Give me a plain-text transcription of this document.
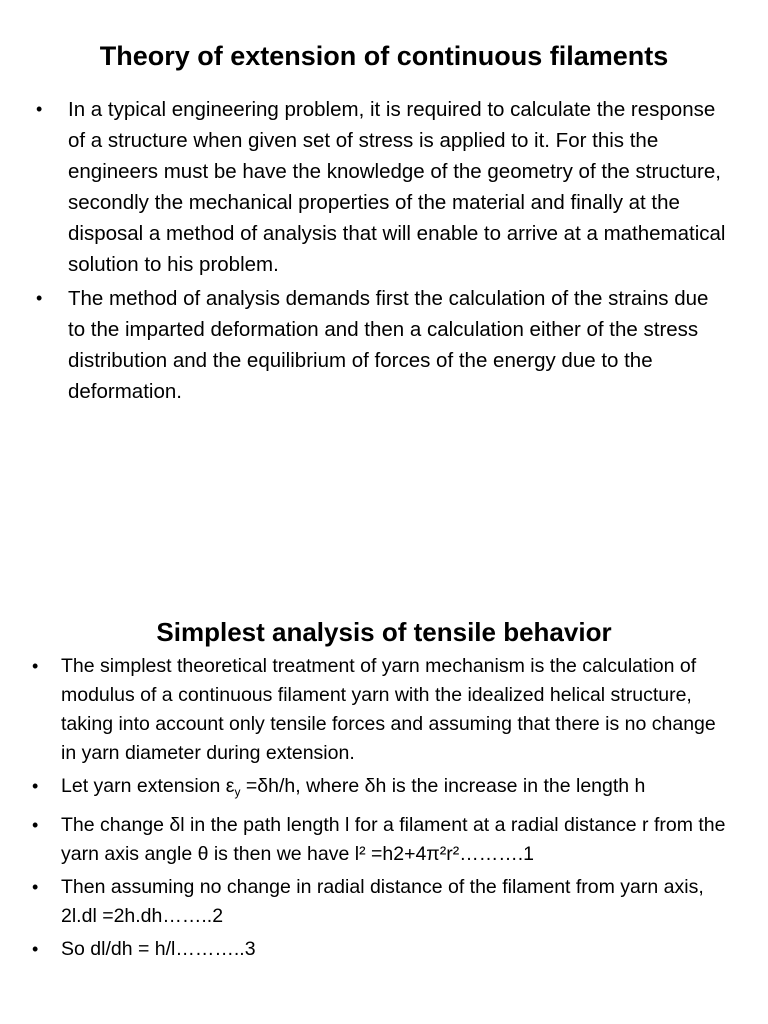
Theory of extension of continuous filaments
• In a typical engineering problem, it is required to calculate the response of a structure when given set of stress is applied to it. For this the engineers must be have the knowledge of the geometry of the structure, secondly the mechanical properties of the material and finally at the disposal a method of analysis that will enable to arrive at a mathematical solution to his problem.
• The method of analysis demands first the calculation of the strains due to the imparted deformation and then a calculation either of the stress distribution and the equilibrium of forces of the energy due to the deformation.
Simplest analysis of tensile behavior
• The simplest theoretical treatment of yarn mechanism is the calculation of modulus of a continuous filament yarn with the idealized helical structure, taking into account only tensile forces and assuming that there is no change in yarn diameter during extension.
• Let yarn extension $\varepsilon_y =\delta h/h$, where δh is the increase in the length h
• The change δl in the path length l for a filament at a radial distance r from the yarn axis angle θ is then we have l² =h2+4π²r²……….1
• Then assuming no change in radial distance of the filament from yarn axis, 2l.dl =2h.dh……..2
• So dl/dh = h/l………..3
